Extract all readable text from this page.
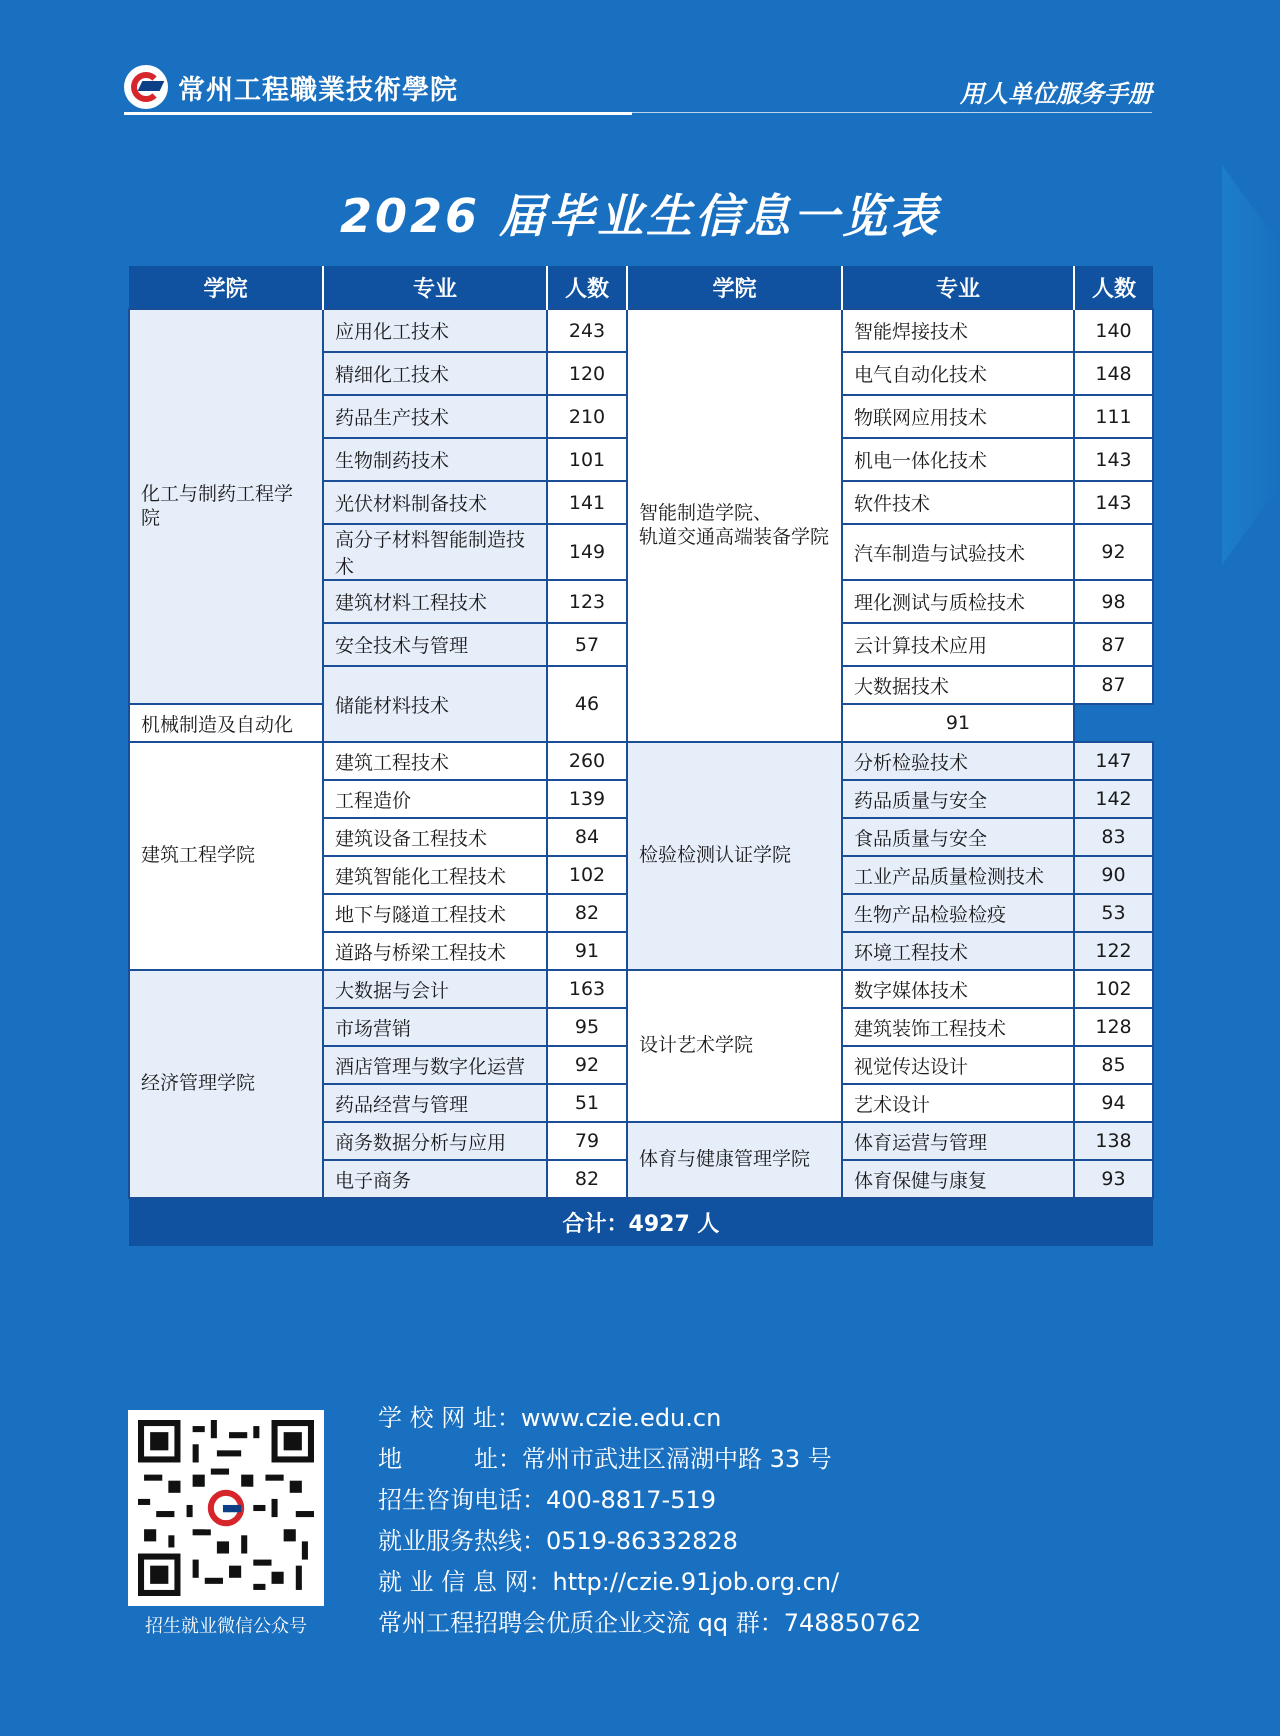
常州工程職業技術學院	用人单位服务手册
2026 届毕业生信息一览表
学院	专业	人数	学院	专业	人数
化工与制药工程学院	应用化工技术	243	智能制造学院、
轨道交通高端装备学院	智能焊接技术	140
	精细化工技术	120		电气自动化技术	148
	药品生产技术	210		物联网应用技术	111
	生物制药技术	101		机电一体化技术	143
	光伏材料制备技术	141		软件技术	143
	高分子材料智能制造技术	149		汽车制造与试验技术	92
	建筑材料工程技术	123		理化测试与质检技术	98
	安全技术与管理	57		云计算技术应用	87
	储能材料技术	46		大数据技术	87
机械制造及自动化				91	
建筑工程学院	建筑工程技术	260	检验检测认证学院	分析检验技术	147
	工程造价	139		药品质量与安全	142
	建筑设备工程技术	84		食品质量与安全	83
	建筑智能化工程技术	102		工业产品质量检测技术	90
	地下与隧道工程技术	82		生物产品检验检疫	53
	道路与桥梁工程技术	91		环境工程技术	122
经济管理学院	大数据与会计	163	设计艺术学院	数字媒体技术	102
	市场营销	95		建筑装饰工程技术	128
	酒店管理与数字化运营	92		视觉传达设计	85
	药品经营与管理	51		艺术设计	94
	商务数据分析与应用	79	体育与健康管理学院	体育运营与管理	138
	电子商务	82		体育保健与康复	93
合计：4927 人					
招生就业微信公众号
学 校 网 址：www.czie.edu.cn
地　　　址：常州市武进区滆湖中路 33 号
招生咨询电话：400-8817-519
就业服务热线：0519-86332828
就 业 信 息 网：http://czie.91job.org.cn/
常州工程招聘会优质企业交流 qq 群：748850762
